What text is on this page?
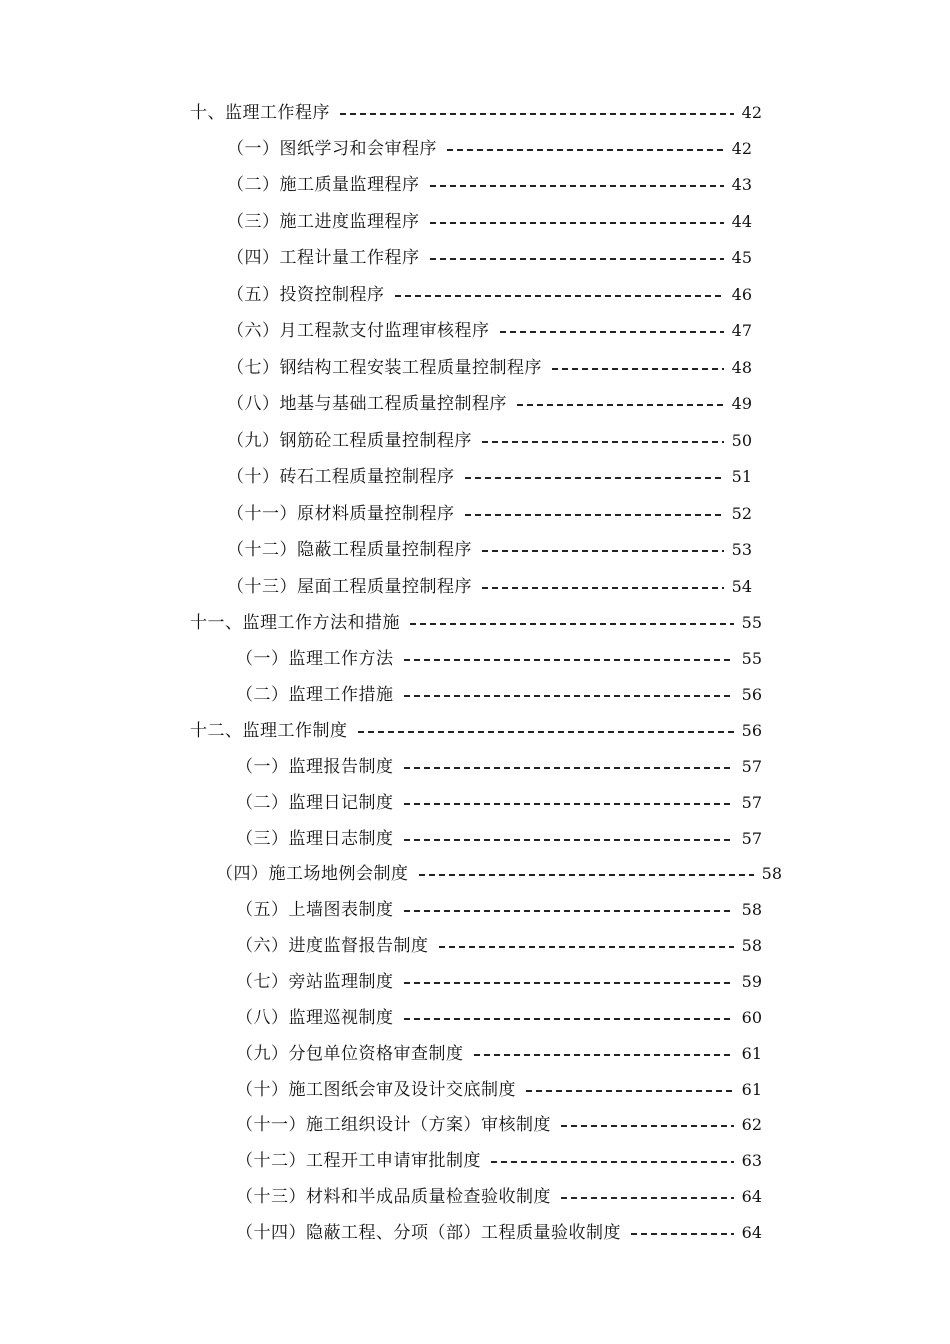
十、监理工作程序	42
（一）图纸学习和会审程序	42
（二）施工质量监理程序	43
（三）施工进度监理程序	44
（四）工程计量工作程序	45
（五）投资控制程序	46
（六）月工程款支付监理审核程序	47
（七）钢结构工程安装工程质量控制程序	48
（八）地基与基础工程质量控制程序	49
（九）钢筋砼工程质量控制程序	50
（十）砖石工程质量控制程序	51
（十一）原材料质量控制程序	52
（十二）隐蔽工程质量控制程序	53
（十三）屋面工程质量控制程序	54
十一、监理工作方法和措施	55
（一）监理工作方法	55
（二）监理工作措施	56
十二、监理工作制度	56
（一）监理报告制度	57
（二）监理日记制度	57
（三）监理日志制度	57
（四）施工场地例会制度	58
（五）上墙图表制度	58
（六）进度监督报告制度	58
（七）旁站监理制度	59
（八）监理巡视制度	60
（九）分包单位资格审查制度	61
（十）施工图纸会审及设计交底制度	61
（十一）施工组织设计（方案）审核制度	62
（十二）工程开工申请审批制度	63
（十三）材料和半成品质量检查验收制度	64
（十四）隐蔽工程、分项（部）工程质量验收制度	64
